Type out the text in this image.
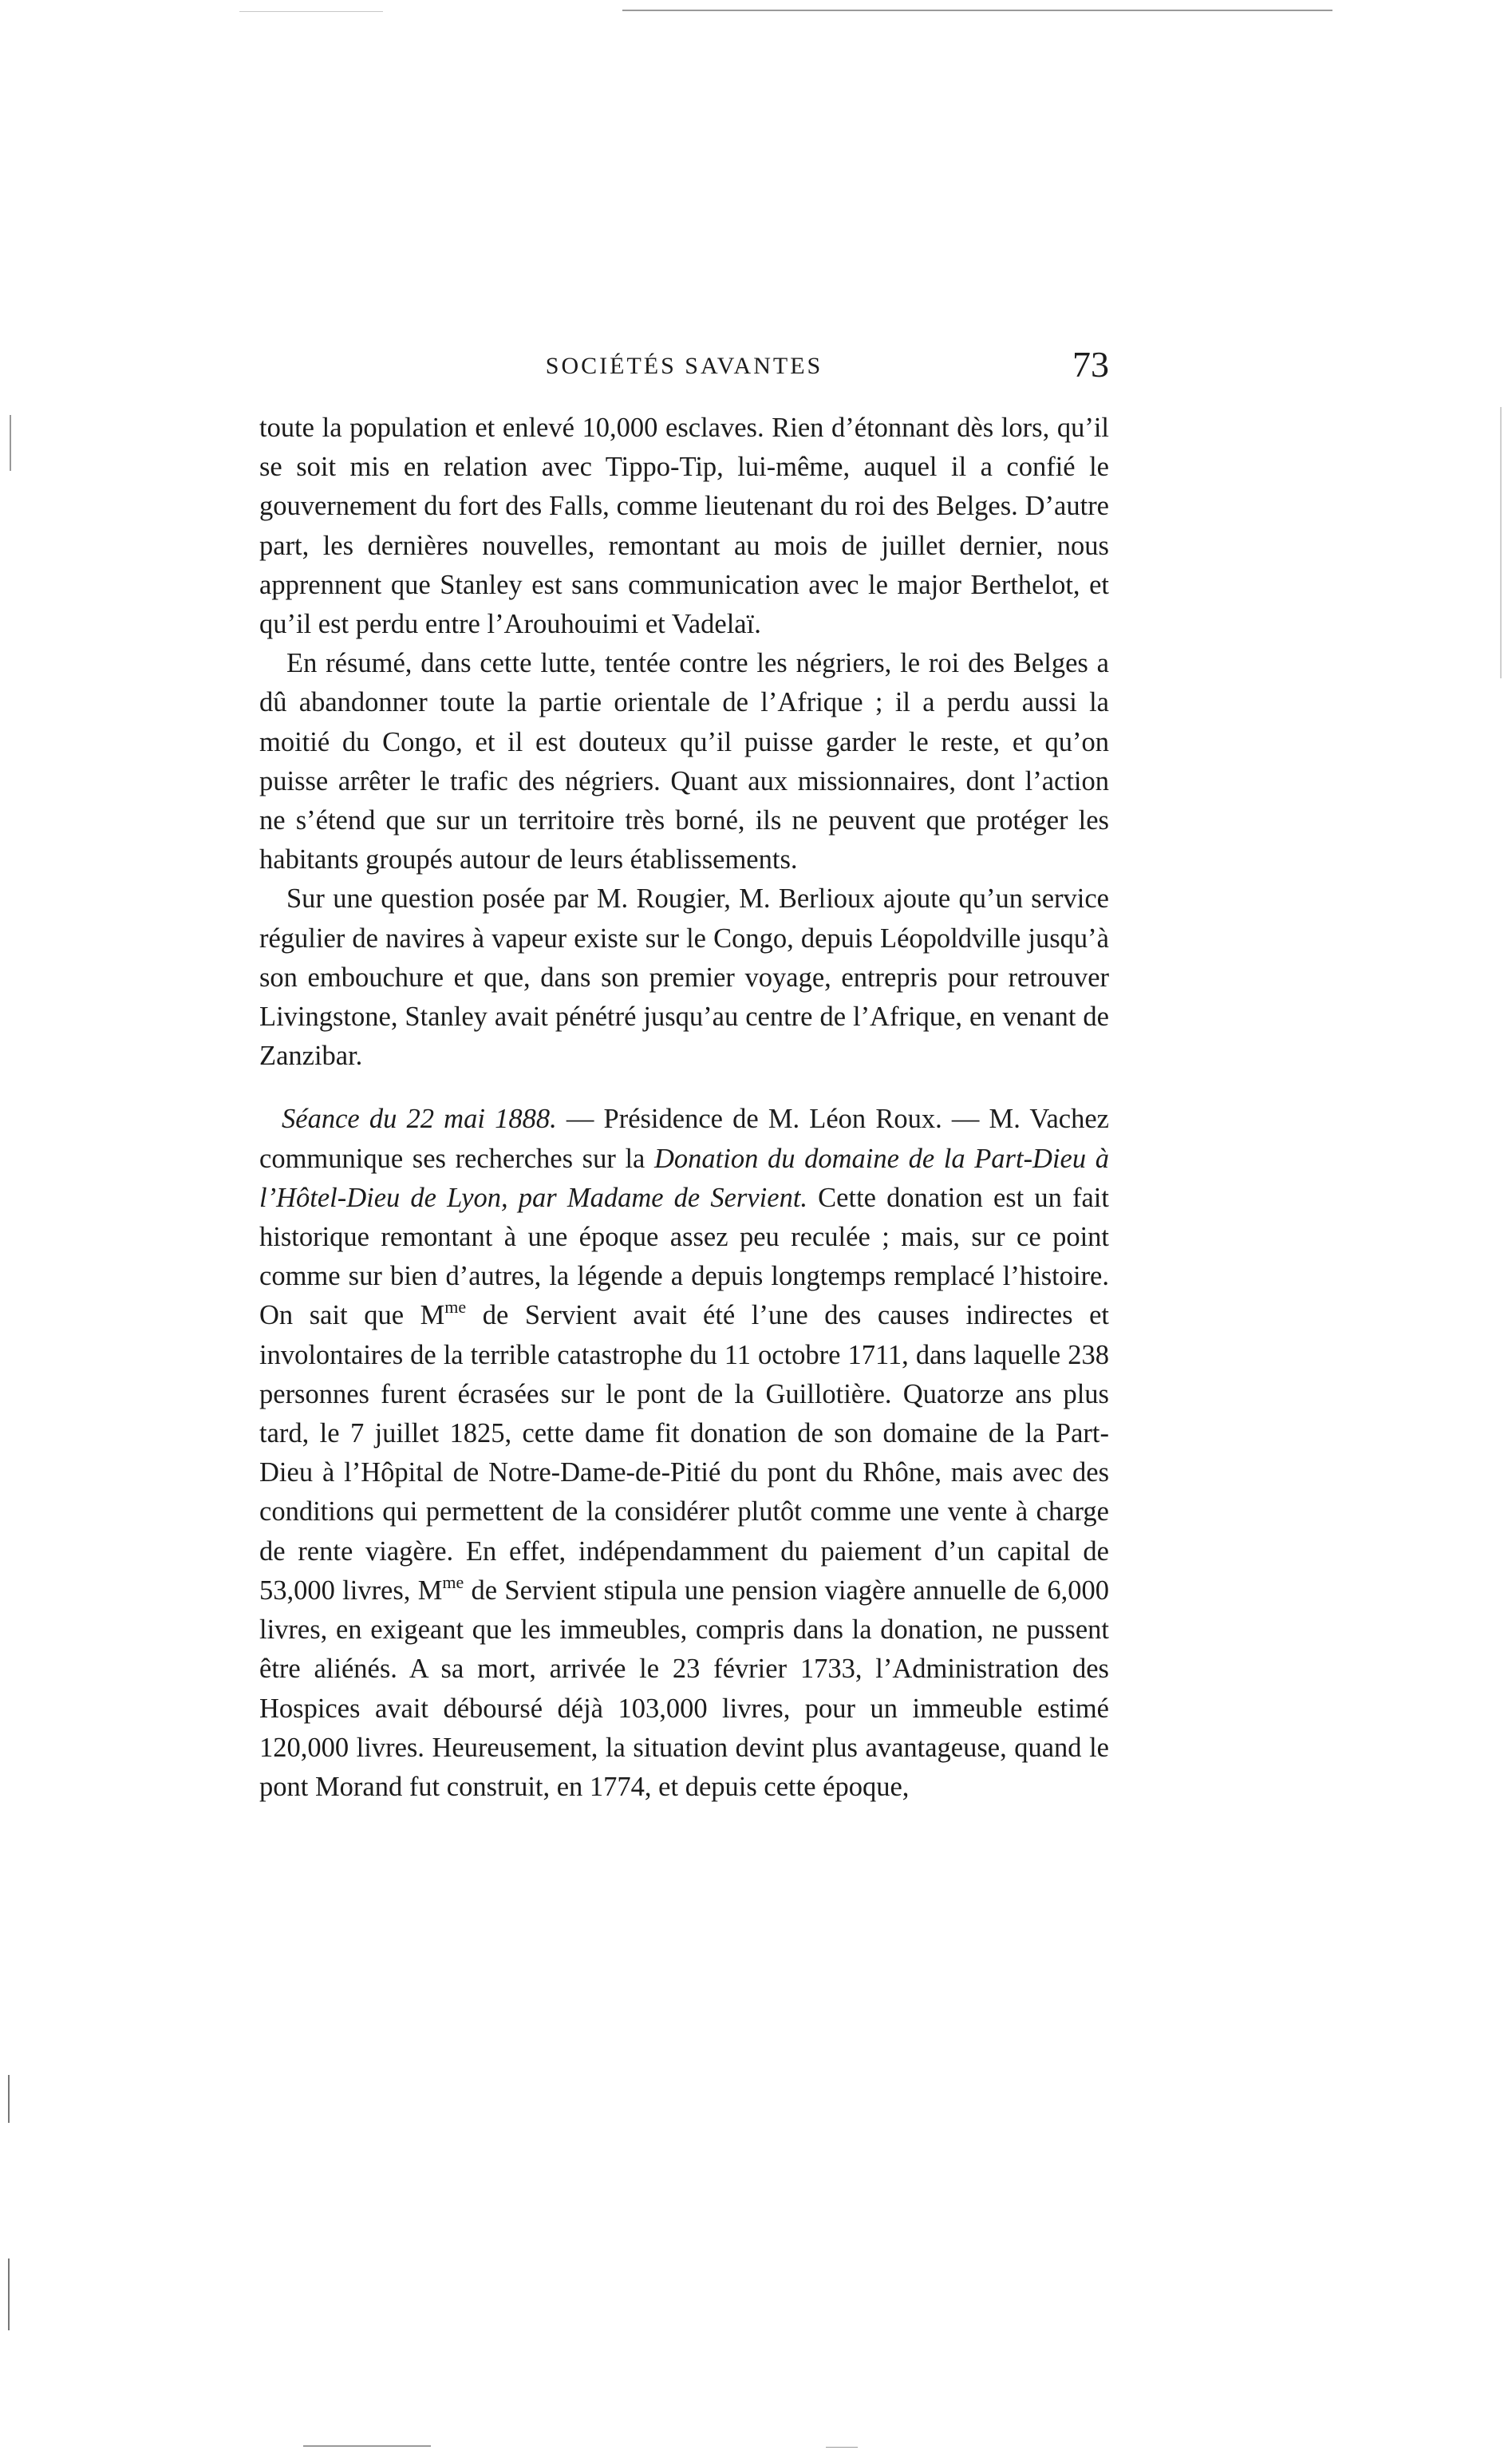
SOCIÉTÉS SAVANTES	73

toute la population et enlevé 10,000 esclaves. Rien d’étonnant dès lors, qu’il se soit mis en relation avec Tippo-Tip, lui-même, auquel il a confié le gouvernement du fort des Falls, comme lieutenant du roi des Belges. D’autre part, les dernières nouvelles, remontant au mois de juillet dernier, nous apprennent que Stanley est sans communication avec le major Berthelot, et qu’il est perdu entre l’Arouhouimi et Vadelaï.

En résumé, dans cette lutte, tentée contre les négriers, le roi des Belges a dû abandonner toute la partie orientale de l’Afrique ; il a perdu aussi la moitié du Congo, et il est douteux qu’il puisse garder le reste, et qu’on puisse arrêter le trafic des négriers. Quant aux missionnaires, dont l’action ne s’étend que sur un territoire très borné, ils ne peuvent que protéger les habitants groupés autour de leurs établissements.

Sur une question posée par M. Rougier, M. Berlioux ajoute qu’un service régulier de navires à vapeur existe sur le Congo, depuis Léopoldville jusqu’à son embouchure et que, dans son premier voyage, entrepris pour retrouver Livingstone, Stanley avait pénétré jusqu’au centre de l’Afrique, en venant de Zanzibar.

Séance du 22 mai 1888. — Présidence de M. Léon Roux. — M. Vachez communique ses recherches sur la Donation du domaine de la Part-Dieu à l’Hôtel-Dieu de Lyon, par Madame de Servient. Cette donation est un fait historique remontant à une époque assez peu reculée ; mais, sur ce point comme sur bien d’autres, la légende a depuis longtemps remplacé l’histoire. On sait que $M^{me}$ de Servient avait été l’une des causes indirectes et involontaires de la terrible catastrophe du 11 octobre 1711, dans laquelle 238 personnes furent écrasées sur le pont de la Guillotière. Quatorze ans plus tard, le 7 juillet 1825, cette dame fit donation de son domaine de la Part-Dieu à l’Hôpital de Notre-Dame-de-Pitié du pont du Rhône, mais avec des conditions qui permettent de la considérer plutôt comme une vente à charge de rente viagère. En effet, indépendamment du paiement d’un capital de 53,000 livres, $M^{me}$ de Servient stipula une pension viagère annuelle de 6,000 livres, en exigeant que les immeubles, compris dans la donation, ne pussent être aliénés. A sa mort, arrivée le 23 février 1733, l’Administration des Hospices avait déboursé déjà 103,000 livres, pour un immeuble estimé 120,000 livres. Heureusement, la situation devint plus avantageuse, quand le pont Morand fut construit, en 1774, et depuis cette époque,
